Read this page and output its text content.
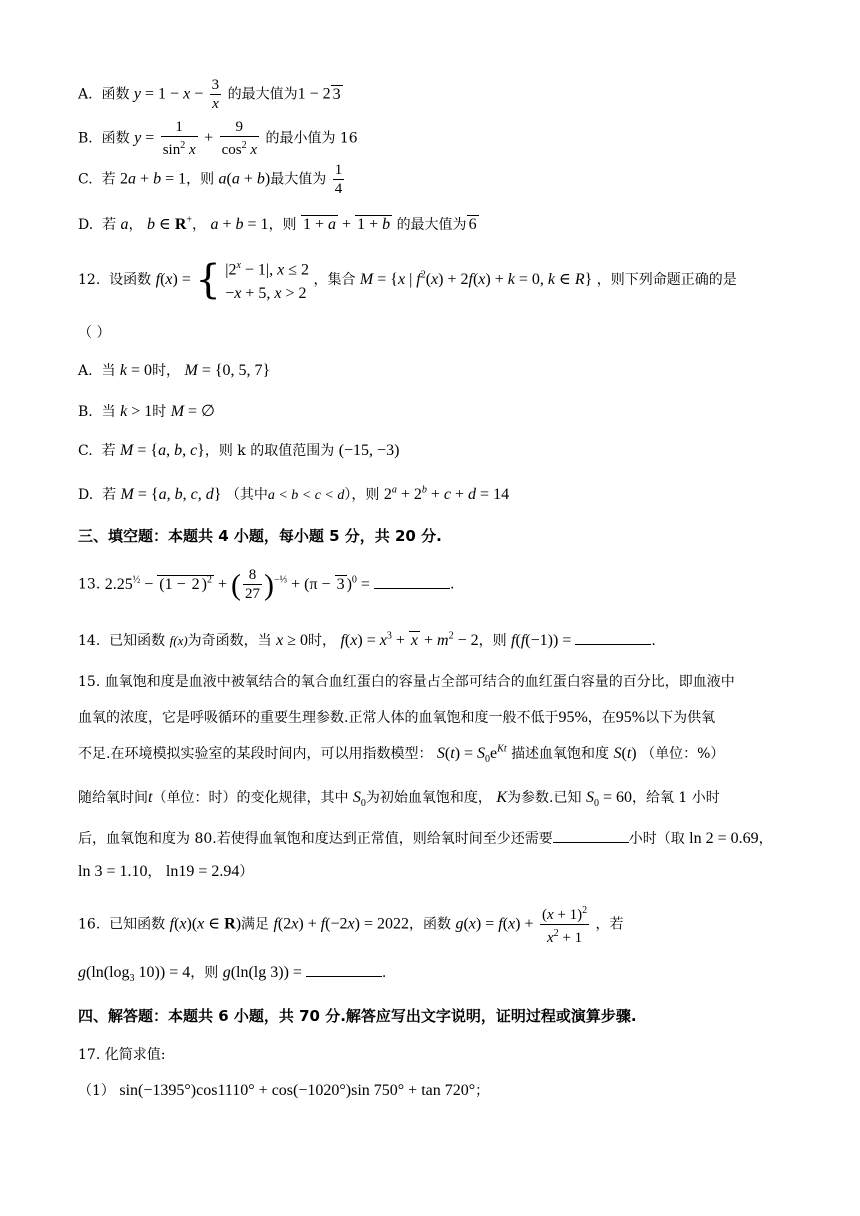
A. 函数 $y = 1 - x - \frac{3}{x}$ 的最大值为1 − 2 3
B. 函数 $y = \frac{1}{\sin^2 x} + \frac{9}{\cos^2 x}$ 的最小值为 16
C. 若 2a + b = 1，则 a(a + b)最大值为 $\frac{1}{4}$
D. 若 a， b ∈ R+， a + b = 1，则 1 + a + 1 + b 的最大值为 6
12. 设函数 f(x) = { $|2^x - 1|$, x ≤ 2
−x + 5, x > 2 ，集合 M = {x | $f^2(x) + 2f(x) + k = 0$, k ∈ R} ，则下列命题正确的是
（ ）
A. 当 k = 0时， M = {0, 5, 7}
B. 当 k > 1时 M = ∅
C. 若 M = {a, b, c}，则 k 的取值范围为 (−15, −3)
D. 若 M = {a, b, c, d} （其中a < b < c < d），则 $2^a + 2^b + c + d = 14$
三、填空题：本题共 4 小题，每小题 5 分，共 20 分.
13. $2.25^{\frac{1}{2}} - (1 - 2$ )$^2$ + ( $\frac{8}{27} )^{-\frac{1}{3}} + (\pi - 3$ )$^0$ =	.
14. 已知函数 f(x)为奇函数，当 x ≥ 0时， $f(x) = x^3 + x + m^2 - 2$，则 f(f(−1)) =	.
15. 血氧饱和度是血液中被氧结合的氧合血红蛋白的容量占全部可结合的血红蛋白容量的百分比，即血液中
血氧的浓度，它是呼吸循环的重要生理参数.正常人体的血氧饱和度一般不低于95%，在95%以下为供氧
不足.在环境模拟实验室的某段时间内，可以用指数模型： $S(t) = S_0e^{Kt}$ 描述血氧饱和度 S(t) （单位：%）
随给氧时间t（单位：时）的变化规律，其中 $S_0$为初始血氧饱和度， K为参数.已知 $S_0 = 60$，给氧 1 小时
后，血氧饱和度为 80.若使得血氧饱和度达到正常值，则给氧时间至少还需要	小时（取 ln 2 = 0.69，
ln 3 = 1.10， ln19 = 2.94）
16. 已知函数 f(x)(x ∈ R)满足 f(2x) + f(−2x) = 2022，函数 $g(x) = f(x) + \frac{(x + 1)^2}{x^2 + 1}$ ，若
$g(\ln(\log_3$ 10)) = 4，则 g(ln(lg 3)) =	.
四、解答题：本题共 6 小题，共 70 分.解答应写出文字说明，证明过程或演算步骤.
17. 化简求值:
（1） sin(−1395°)cos1110° + cos(−1020°)sin 750° + tan 720°；
